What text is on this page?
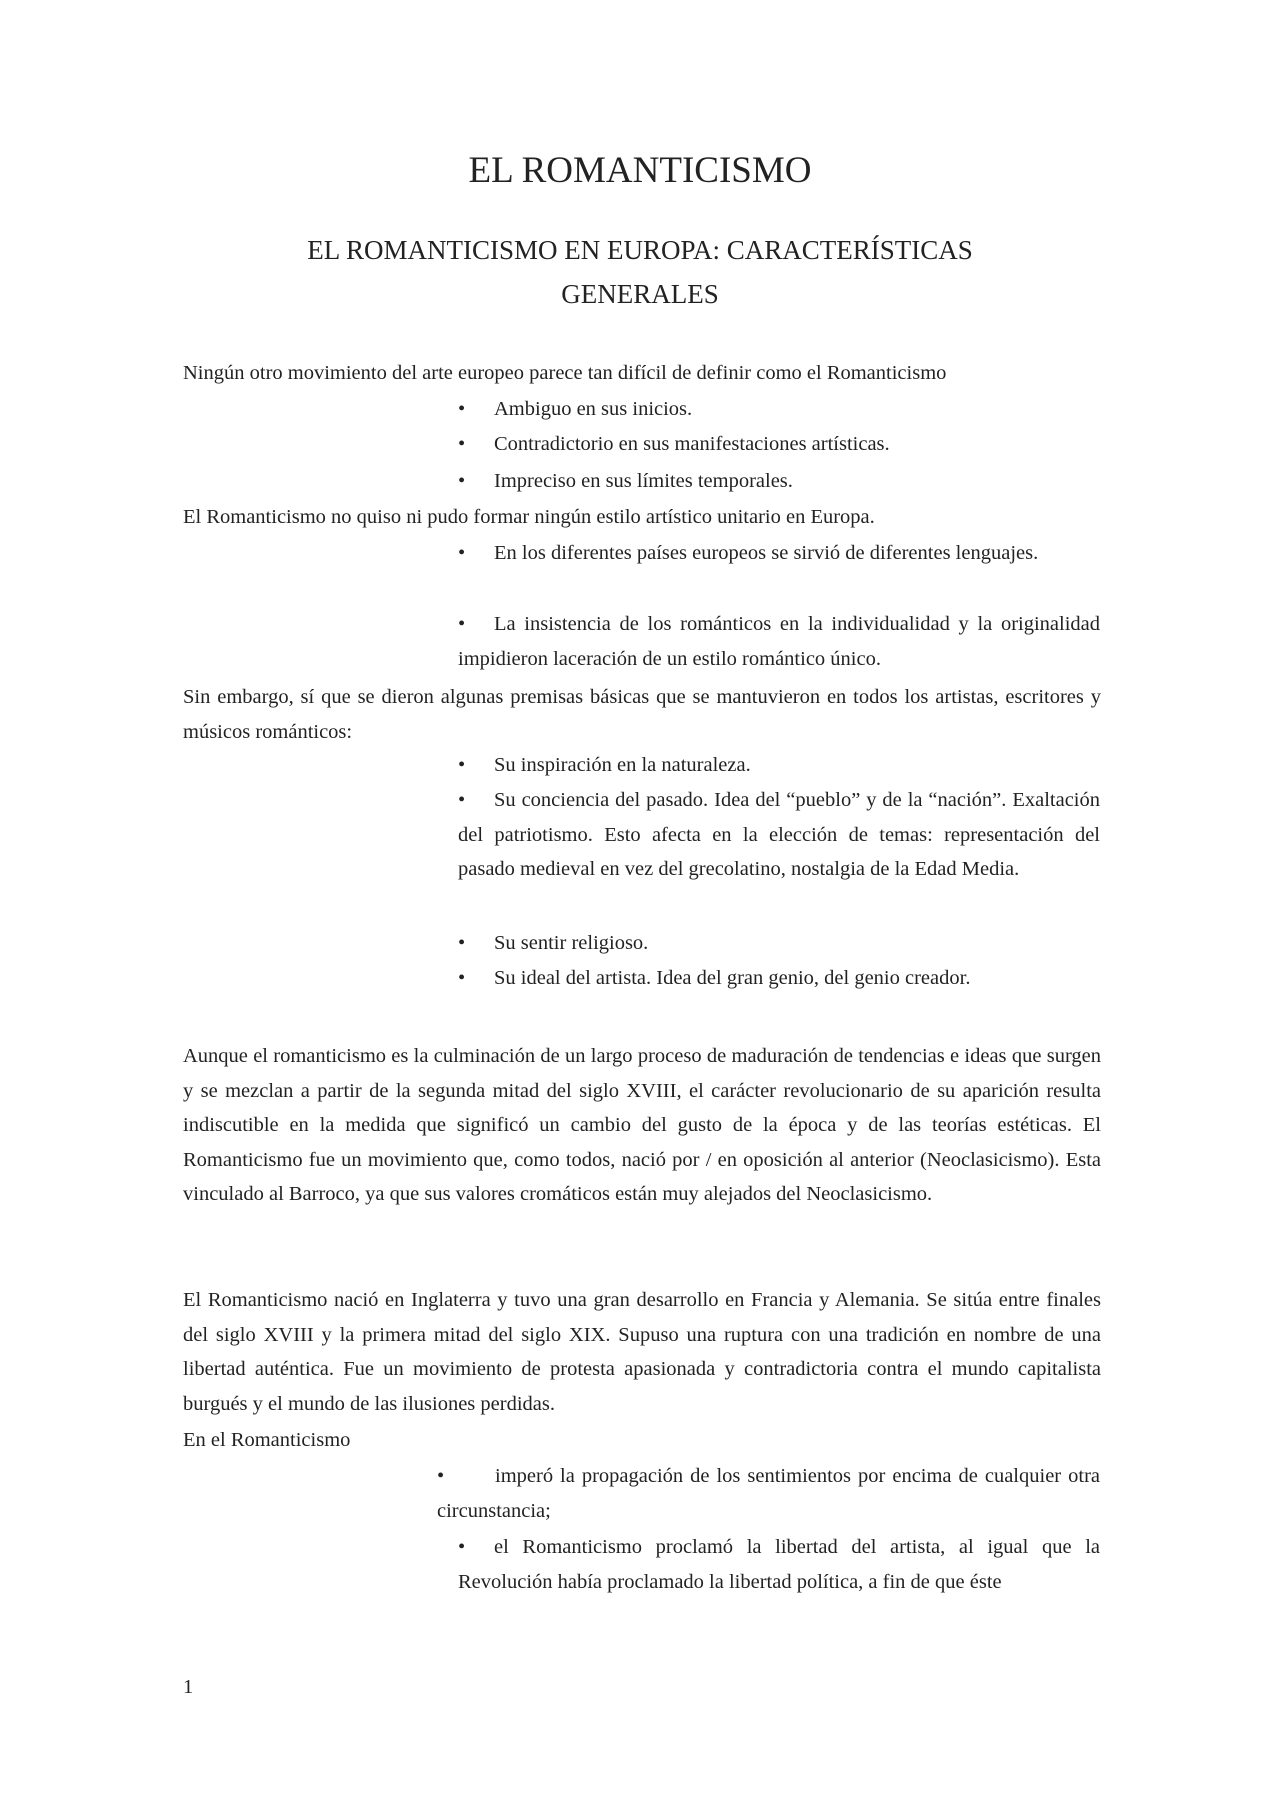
EL ROMANTICISMO
EL ROMANTICISMO EN EUROPA: CARACTERÍSTICAS GENERALES

Ningún otro movimiento del arte europeo parece tan difícil de definir como el Romanticismo

• Ambiguo en sus inicios.
• Contradictorio en sus manifestaciones artísticas.
• Impreciso en sus límites temporales.

El Romanticismo no quiso ni pudo formar ningún estilo artístico unitario en Europa.

• En los diferentes países europeos se sirvió de diferentes lenguajes.
• La insistencia de los románticos en la individualidad y la originalidad impidieron laceración de un estilo romántico único.

Sin embargo, sí que se dieron algunas premisas básicas que se mantuvieron en todos los artistas, escritores y músicos románticos:

• Su inspiración en la naturaleza.
• Su conciencia del pasado. Idea del “pueblo” y de la “nación”. Exaltación del patriotismo. Esto afecta en la elección de temas: representación del pasado medieval en vez del grecolatino, nostalgia de la Edad Media.
• Su sentir religioso.
• Su ideal del artista. Idea del gran genio, del genio creador.

Aunque el romanticismo es la culminación de un largo proceso de maduración de tendencias e ideas que surgen y se mezclan a partir de la segunda mitad del siglo XVIII, el carácter revolucionario de su aparición resulta indiscutible en la medida que significó un cambio del gusto de la época y de las teorías estéticas. El Romanticismo fue un movimiento que, como todos, nació por / en oposición al anterior (Neoclasicismo). Esta vinculado al Barroco, ya que sus valores cromáticos están muy alejados del Neoclasicismo.

El Romanticismo nació en Inglaterra y tuvo una gran desarrollo en Francia y Alemania. Se sitúa entre finales del siglo XVIII y la primera mitad del siglo XIX. Supuso una ruptura con una tradición en nombre de una libertad auténtica. Fue un movimiento de protesta apasionada y contradictoria contra el mundo capitalista burgués y el mundo de las ilusiones perdidas.

En el Romanticismo

• imperó la propagación de los sentimientos por encima de cualquier otra circunstancia;
• el Romanticismo proclamó la libertad del artista, al igual que la Revolución había proclamado la libertad política, a fin de que éste
1
